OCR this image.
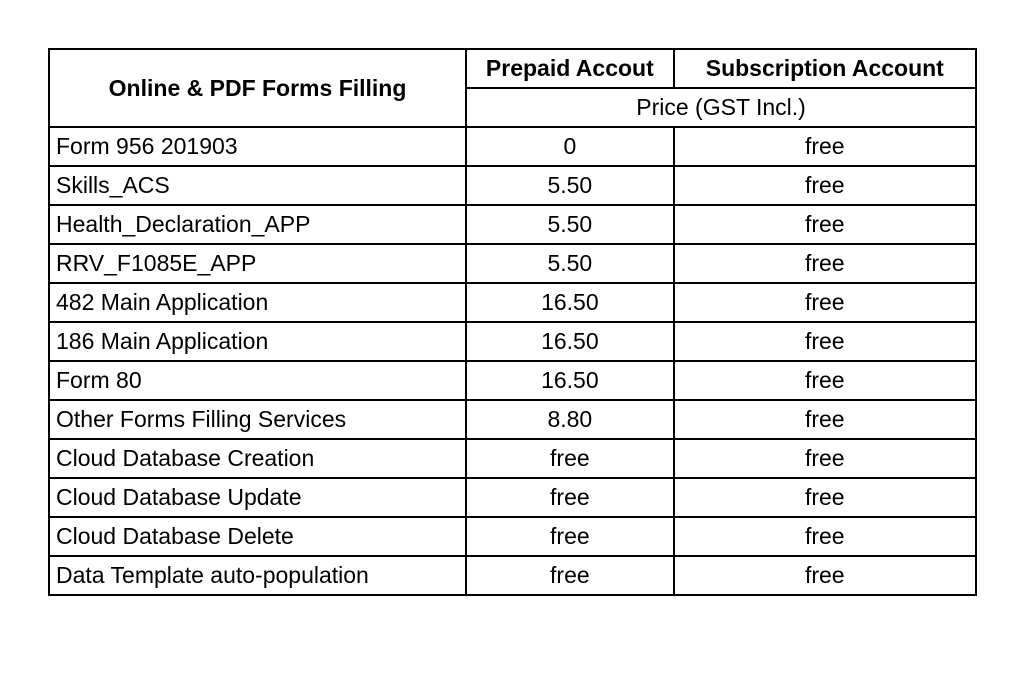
Online & PDF Forms Filling	Prepaid Accout	Subscription Account
	Price (GST Incl.)	
Form 956 201903	0	free
Skills_ACS	5.50	free
Health_Declaration_APP	5.50	free
RRV_F1085E_APP	5.50	free
482 Main Application	16.50	free
186 Main Application	16.50	free
Form 80	16.50	free
Other Forms Filling Services	8.80	free
Cloud Database Creation	free	free
Cloud Database Update	free	free
Cloud Database Delete	free	free
Data Template auto-population	free	free
